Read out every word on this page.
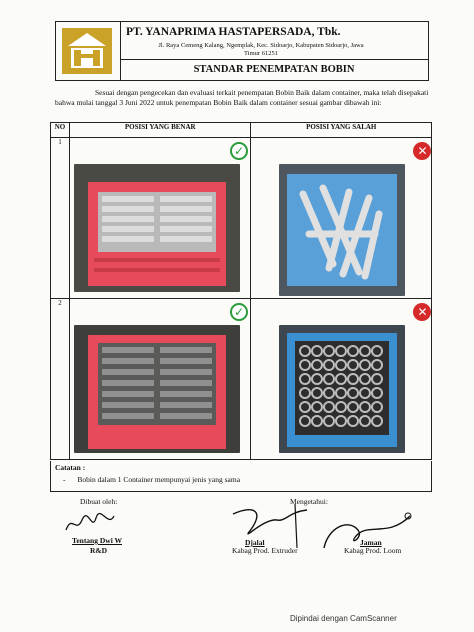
PT. YANAPRIMA HASTAPERSADA, Tbk.
Jl. Raya Cemeng Kalang, Ngemplak, Kec. Sidoarjo, Kabupaten Sidoarjo, Jawa Timur 61251
STANDAR PENEMPATAN BOBIN
Sesuai dengan pengecekan dan evaluasi terkait penempatan Bobin Baik dalam container, maka telah disepakati bahwa mulai tanggal 3 Juni 2022 untuk penempatan Bobin Baik dalam container sesuai gambar dibawah ini:
NO	POSISI YANG BENAR	POSISI YANG SALAH
1	✓	✕

2	✓	✕
Catatan :
- Bobin dalam 1 Container mempunyai jenis yang sama
Dibuat oleh:	Mengetahui:
Tentang Dwi W
R&D
Djalal
Kabag Prod. Extruder
Jaman
Kabag Prod. Loom
Dipindai dengan CamScanner
